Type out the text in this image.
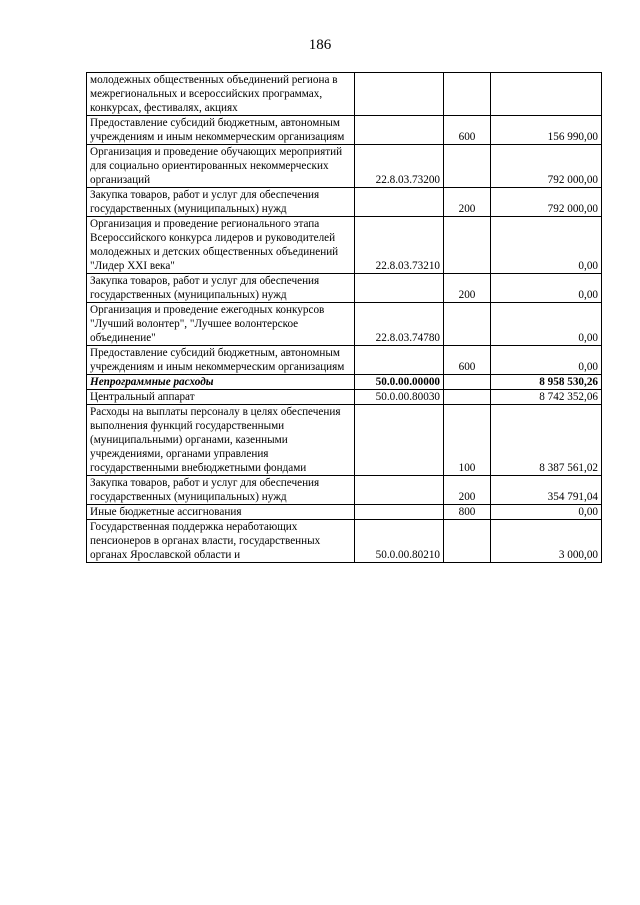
186
молодежных общественных объединений региона в межрегиональных и всероссийских программах, конкурсах, фестивалях, акциях			
Предоставление субсидий бюджетным, автономным учреждениям и иным некоммерческим организациям		600	156 990,00
Организация и проведение обучающих мероприятий для социально ориентированных некоммерческих организаций	22.8.03.73200		792 000,00
Закупка товаров, работ и услуг для обеспечения государственных (муниципальных) нужд		200	792 000,00
Организация и проведение регионального этапа Всероссийского конкурса лидеров и руководителей молодежных и детских общественных объединений "Лидер XXI века"	22.8.03.73210		0,00
Закупка товаров, работ и услуг для обеспечения государственных (муниципальных) нужд		200	0,00
Организация и проведение ежегодных конкурсов "Лучший волонтер", "Лучшее волонтерское объединение"	22.8.03.74780		0,00
Предоставление субсидий бюджетным, автономным учреждениям и иным некоммерческим организациям		600	0,00
Непрограммные расходы	50.0.00.00000		8 958 530,26
Центральный аппарат	50.0.00.80030		8 742 352,06
Расходы на выплаты персоналу в целях обеспечения выполнения функций государственными (муниципальными) органами, казенными учреждениями, органами управления государственными внебюджетными фондами		100	8 387 561,02
Закупка товаров, работ и услуг для обеспечения государственных (муниципальных) нужд		200	354 791,04
Иные бюджетные ассигнования		800	0,00
Государственная поддержка неработающих пенсионеров в органах власти, государственных органах Ярославской области и	50.0.00.80210		3 000,00
